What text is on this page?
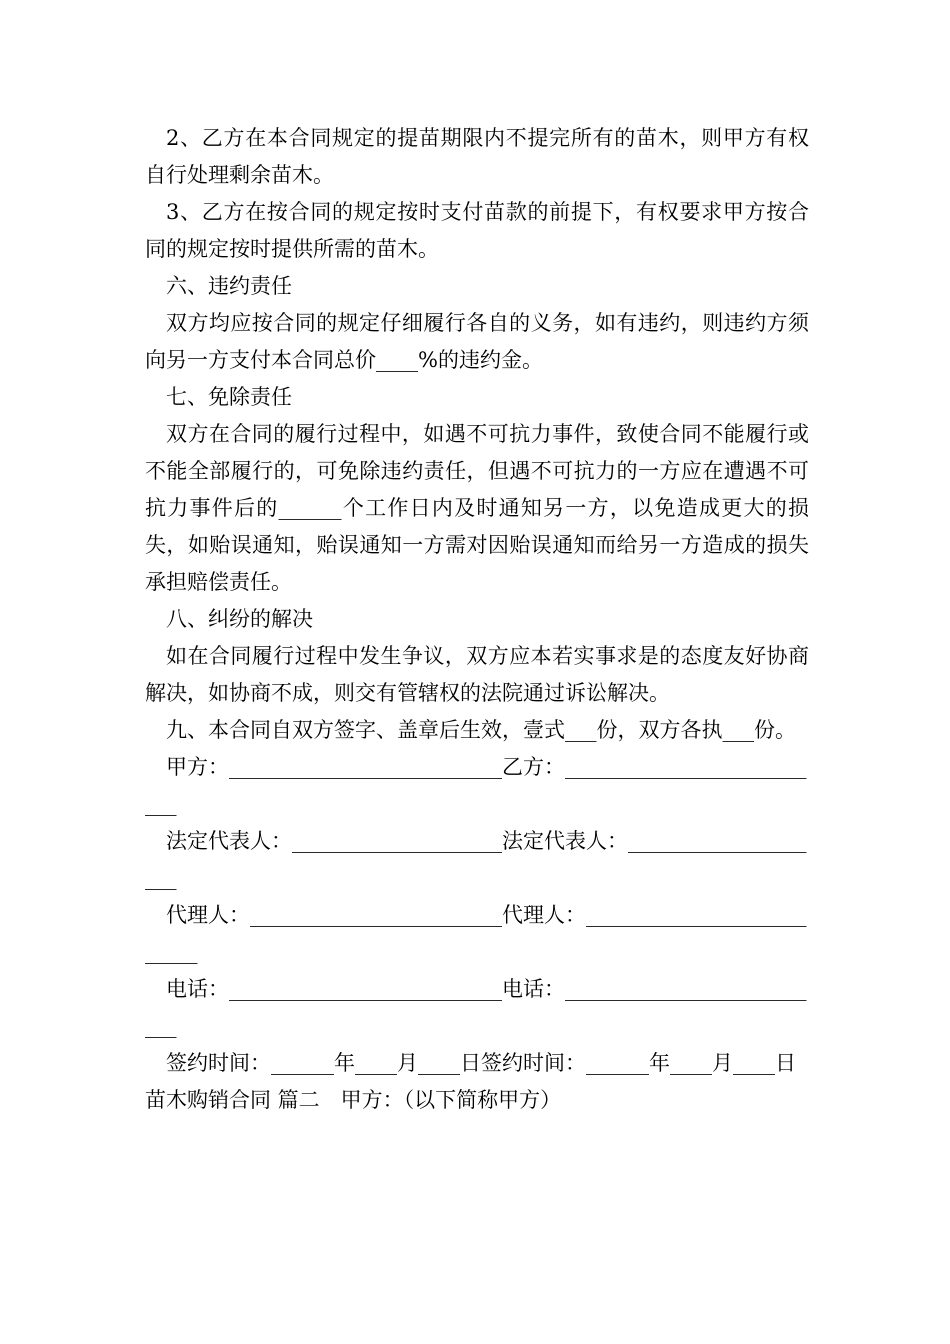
2、乙方在本合同规定的提苗期限内不提完所有的苗木，则甲方有权自行处理剩余苗木。

3、乙方在按合同的规定按时支付苗款的前提下，有权要求甲方按合同的规定按时提供所需的苗木。

六、违约责任

双方均应按合同的规定仔细履行各自的义务，如有违约，则违约方须向另一方支付本合同总价____%的违约金。

七、免除责任

双方在合同的履行过程中，如遇不可抗力事件，致使合同不能履行或不能全部履行的，可免除违约责任，但遇不可抗力的一方应在遭遇不可抗力事件后的______个工作日内及时通知另一方，以免造成更大的损失，如贻误通知，贻误通知一方需对因贻误通知而给另一方造成的损失承担赔偿责任。

八、纠纷的解决

如在合同履行过程中发生争议，双方应本若实事求是的态度友好协商解决，如协商不成，则交有管辖权的法院通过诉讼解决。

九、本合同自双方签字、盖章后生效，壹式___份，双方各执___份。

甲方：__________________________乙方：__________________________

法定代表人：____________________法定代表人：____________________

代理人：________________________代理人：__________________________

电话：__________________________电话：__________________________

签约时间：______年____月____日签约时间：______年____月____日

苗木购销合同 篇二　甲方：（以下简称甲方）
